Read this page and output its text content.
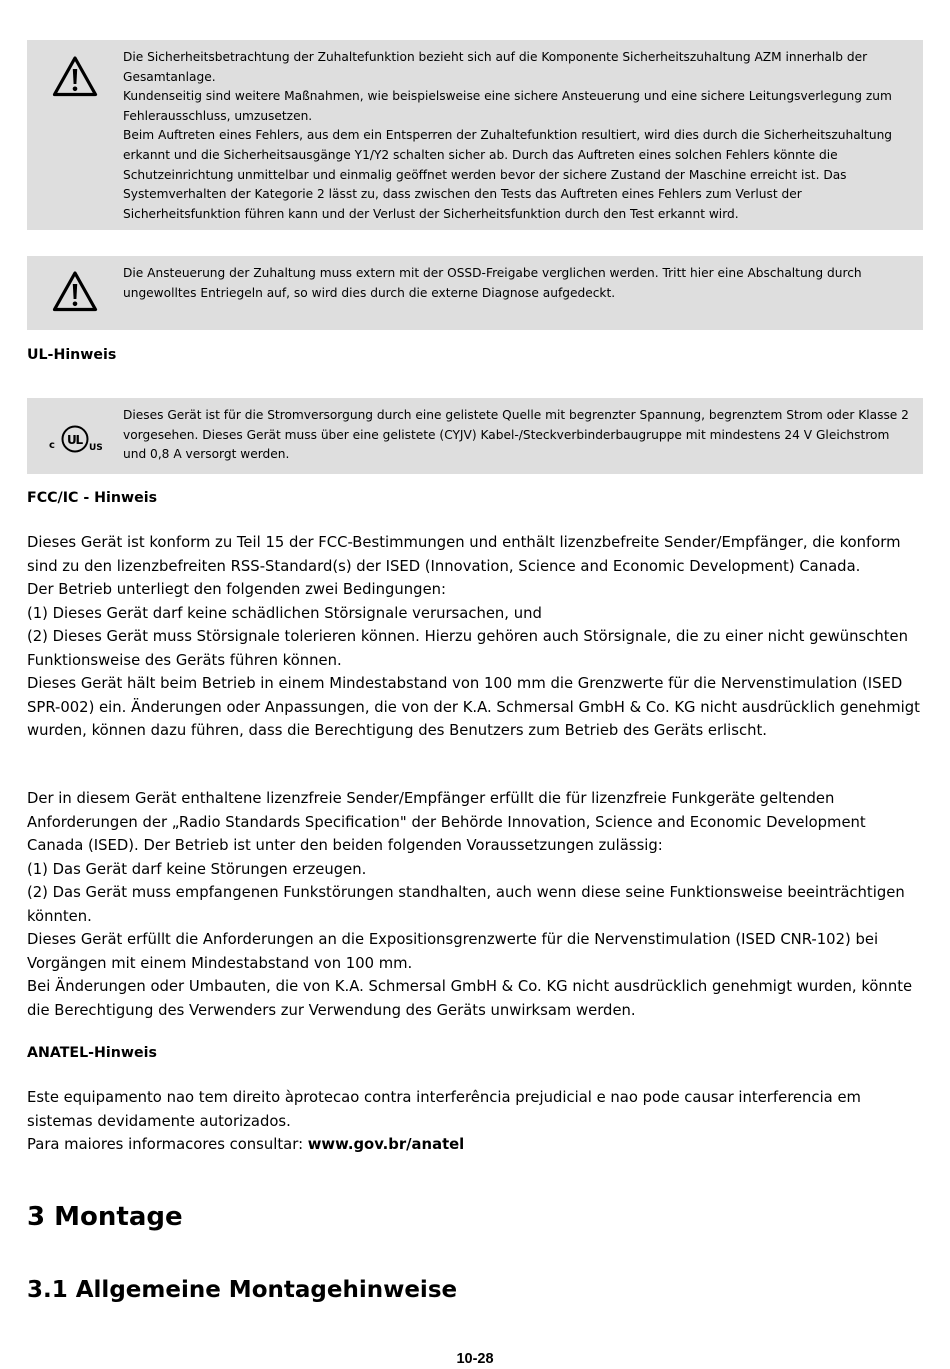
Die Sicherheitsbetrachtung der Zuhaltefunktion bezieht sich auf die Komponente Sicherheitszuhaltung AZM innerhalb der Gesamtanlage.

Kundenseitig sind weitere Maßnahmen, wie beispielsweise eine sichere Ansteuerung und eine sichere Leitungsverlegung zum Fehlerausschluss, umzusetzen.

Beim Auftreten eines Fehlers, aus dem ein Entsperren der Zuhaltefunktion resultiert, wird dies durch die Sicherheitszuhaltung erkannt und die Sicherheitsausgänge Y1/Y2 schalten sicher ab. Durch das Auftreten eines solchen Fehlers könnte die Schutzeinrichtung unmittelbar und einmalig geöffnet werden bevor der sichere Zustand der Maschine erreicht ist. Das Systemverhalten der Kategorie 2 lässt zu, dass zwischen den Tests das Auftreten eines Fehlers zum Verlust der Sicherheitsfunktion führen kann und der Verlust der Sicherheitsfunktion durch den Test erkannt wird.

Die Ansteuerung der Zuhaltung muss extern mit der OSSD-Freigabe verglichen werden. Tritt hier eine Abschaltung durch ungewolltes Entriegeln auf, so wird dies durch die externe Diagnose aufgedeckt.

UL-Hinweis
c U
L
US

Dieses Gerät ist für die Stromversorgung durch eine gelistete Quelle mit begrenzter Spannung, begrenztem Strom oder Klasse 2 vorgesehen. Dieses Gerät muss über eine gelistete (CYJV) Kabel-/Steckverbinderbaugruppe mit mindestens 24 V Gleichstrom und 0,8 A versorgt werden.

FCC/IC - Hinweis

Dieses Gerät ist konform zu Teil 15 der FCC-Bestimmungen und enthält lizenzbefreite Sender/Empfänger, die konform sind zu den lizenzbefreiten RSS-Standard(s) der ISED (Innovation, Science and Economic Development) Canada.

Der Betrieb unterliegt den folgenden zwei Bedingungen:

(1) Dieses Gerät darf keine schädlichen Störsignale verursachen, und

(2) Dieses Gerät muss Störsignale tolerieren können. Hierzu gehören auch Störsignale, die zu einer nicht gewünschten Funktionsweise des Geräts führen können.

Dieses Gerät hält beim Betrieb in einem Mindestabstand von 100 mm die Grenzwerte für die Nervenstimulation (ISED SPR-002) ein. Änderungen oder Anpassungen, die von der K.A. Schmersal GmbH & Co. KG nicht ausdrücklich genehmigt wurden, können dazu führen, dass die Berechtigung des Benutzers zum Betrieb des Geräts erlischt.

Der in diesem Gerät enthaltene lizenzfreie Sender/Empfänger erfüllt die für lizenzfreie Funkgeräte geltenden Anforderungen der „Radio Standards Specification" der Behörde Innovation, Science and Economic Development Canada (ISED). Der Betrieb ist unter den beiden folgenden Voraussetzungen zulässig:

(1) Das Gerät darf keine Störungen erzeugen.

(2) Das Gerät muss empfangenen Funkstörungen standhalten, auch wenn diese seine Funktionsweise beeinträchtigen könnten.

Dieses Gerät erfüllt die Anforderungen an die Expositionsgrenzwerte für die Nervenstimulation (ISED CNR-102) bei Vorgängen mit einem Mindestabstand von 100 mm.

Bei Änderungen oder Umbauten, die von K.A. Schmersal GmbH & Co. KG nicht ausdrücklich genehmigt wurden, könnte die Berechtigung des Verwenders zur Verwendung des Geräts unwirksam werden.

ANATEL-Hinweis

Este equipamento nao tem direito àprotecao contra interferência prejudicial e nao pode causar interferencia em sistemas devidamente autorizados.

Para maiores informacores consultar: www.gov.br/anatel

3 Montage
3.1 Allgemeine Montagehinweise
10-28
